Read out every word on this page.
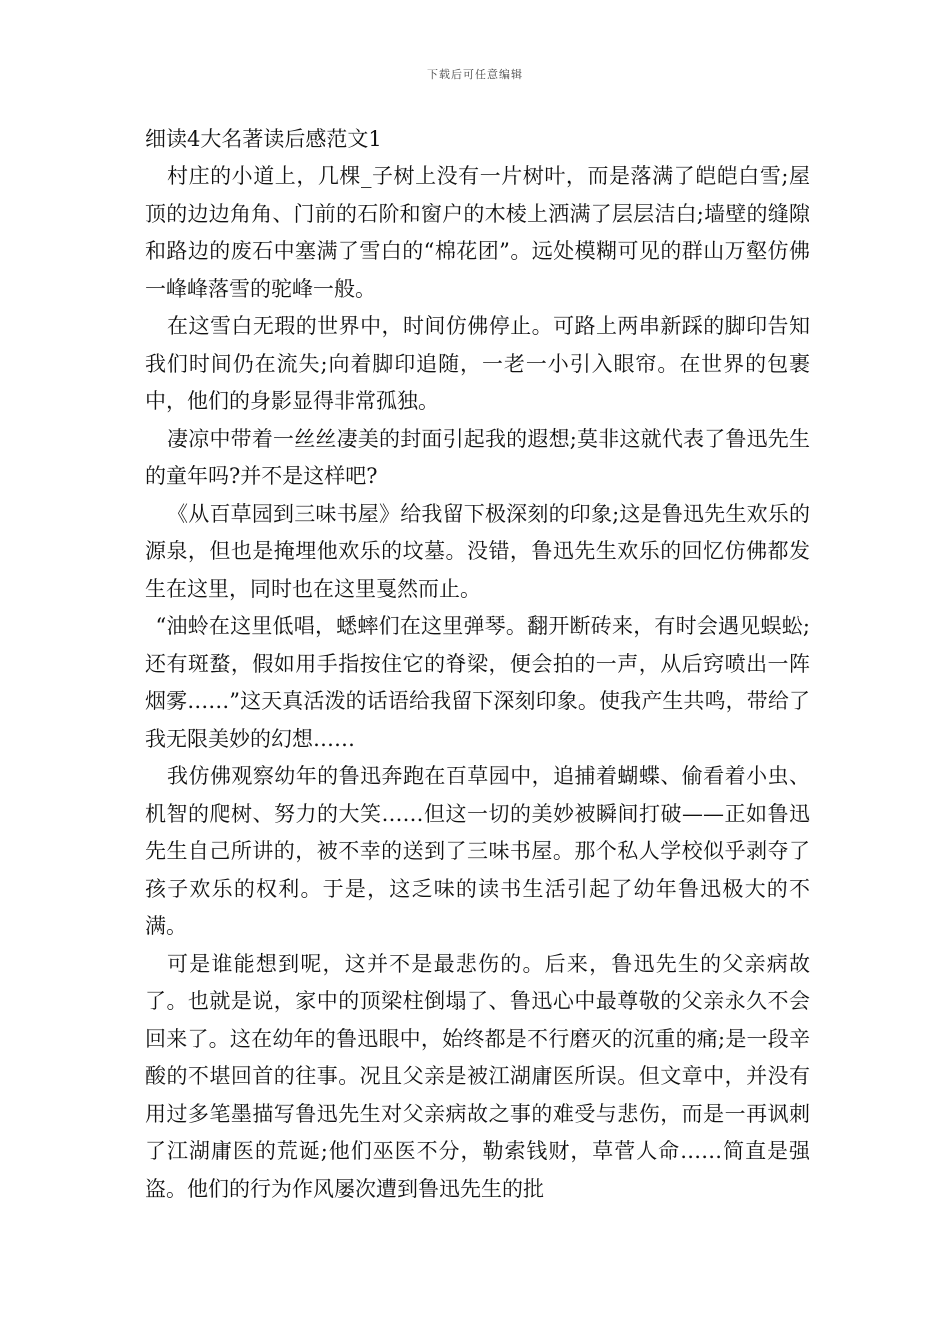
下载后可任意编辑
细读4大名著读后感范文1

村庄的小道上，几棵_子树上没有一片树叶，而是落满了皑皑白雪;屋顶的边边角角、门前的石阶和窗户的木棱上洒满了层层洁白;墙壁的缝隙和路边的废石中塞满了雪白的“棉花团”。远处模糊可见的群山万壑仿佛一峰峰落雪的驼峰一般。

在这雪白无瑕的世界中，时间仿佛停止。可路上两串新踩的脚印告知我们时间仍在流失;向着脚印追随，一老一小引入眼帘。在世界的包裹中，他们的身影显得非常孤独。

凄凉中带着一丝丝凄美的封面引起我的遐想;莫非这就代表了鲁迅先生的童年吗?并不是这样吧?

《从百草园到三味书屋》给我留下极深刻的印象;这是鲁迅先生欢乐的源泉，但也是掩埋他欢乐的坟墓。没错，鲁迅先生欢乐的回忆仿佛都发生在这里，同时也在这里戛然而止。

“油蛉在这里低唱，蟋蟀们在这里弹琴。翻开断砖来，有时会遇见蜈蚣;还有斑蝥，假如用手指按住它的脊梁，便会拍的一声，从后窍喷出一阵烟雾……”这天真活泼的话语给我留下深刻印象。使我产生共鸣，带给了我无限美妙的幻想……

我仿佛观察幼年的鲁迅奔跑在百草园中，追捕着蝴蝶、偷看着小虫、机智的爬树、努力的大笑……但这一切的美妙被瞬间打破——正如鲁迅先生自己所讲的，被不幸的送到了三味书屋。那个私人学校似乎剥夺了孩子欢乐的权利。于是，这乏味的读书生活引起了幼年鲁迅极大的不满。

可是谁能想到呢，这并不是最悲伤的。后来，鲁迅先生的父亲病故了。也就是说，家中的顶梁柱倒塌了、鲁迅心中最尊敬的父亲永久不会回来了。这在幼年的鲁迅眼中，始终都是不行磨灭的沉重的痛;是一段辛酸的不堪回首的往事。况且父亲是被江湖庸医所误。但文章中，并没有用过多笔墨描写鲁迅先生对父亲病故之事的难受与悲伤，而是一再讽刺了江湖庸医的荒诞;他们巫医不分，勒索钱财，草菅人命……简直是强盗。他们的行为作风屡次遭到鲁迅先生的批
